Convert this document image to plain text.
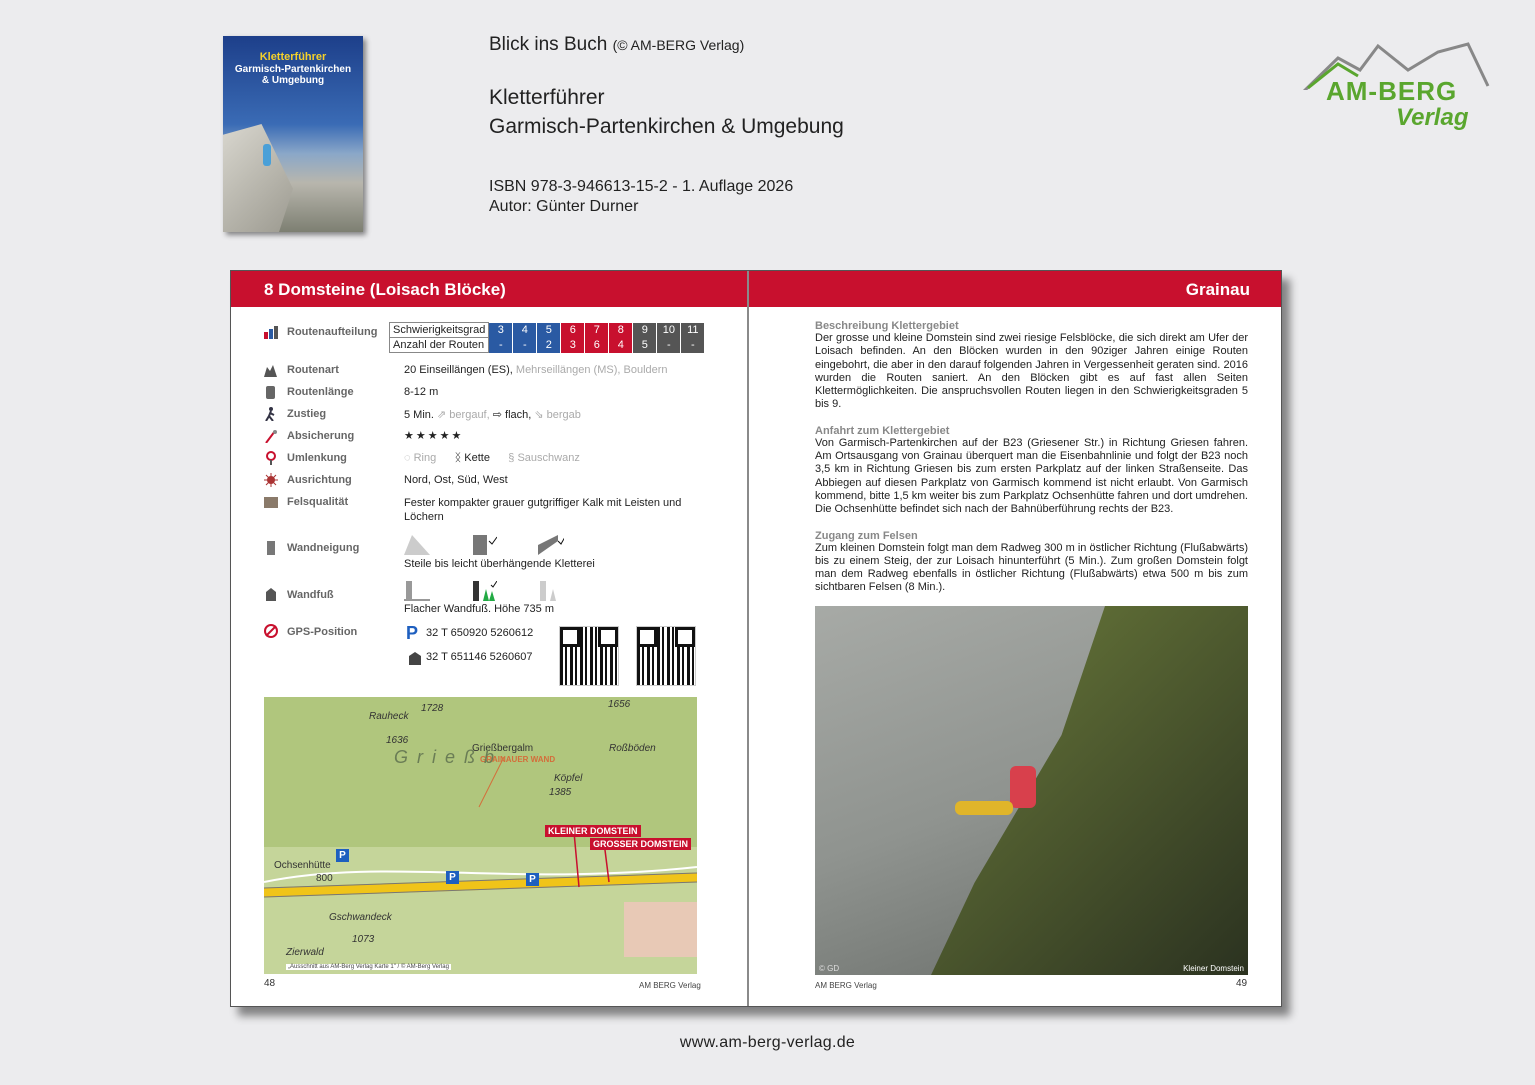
Kletterführer
Garmisch-Partenkirchen
& Umgebung
Blick ins Buch (© AM-BERG Verlag)
Kletterführer
Garmisch-Partenkirchen & Umgebung
ISBN 978-3-946613-15-2 - 1. Auflage 2026
Autor: Günter Durner
AM-BERG
Verlag
8 Domsteine (Loisach Blöcke)	Grainau
Routenaufteilung Schwierigkeitsgrad	3	4	5	6	7	8	9	10	11
Anzahl der Routen	-	-	2	3	6	4	5	-	-
Routenart	20 Einseillängen (ES), Mehrseillängen (MS), Bouldern
Routenlänge	8-12 m
Zustieg	5 Min. ⇗ bergauf, ⇨ flach, ⇘ bergab
Absicherung	★★★★★
Umlenkung	◌ Ring ᛝ Kette § Sauschwanz
Ausrichtung	Nord, Ost, Süd, West
Felsqualität	Fester kompakter grauer gutgriffiger Kalk mit Leisten und Löchern
Wandneigung
Steile bis leicht überhängende Kletterei
Wandfuß
Flacher Wandfuß. Höhe 735 m
GPS-Position	P 32 T 650920 5260612
32 T 651146 5260607
Rauheck
1636
1728	1656
Grießbergalm
GRAINAUER WAND
Roßböden
Köpfel
1385
G r i e ß b
KLEINER DOMSTEIN
GROSSER DOMSTEIN
Ochsenhütte
800
P
P	P
Gschwandeck
1073
Zierwald
„Ausschnitt aus AM-Berg Verlag Karte 1" / © AM-Berg Verlag
48	AM BERG Verlag
Beschreibung Klettergebiet

Der grosse und kleine Domstein sind zwei riesige Felsblöcke, die sich direkt am Ufer der Loisach befinden. An den Blöcken wurden in den 90ziger Jahren einige Routen eingebohrt, die aber in den darauf folgenden Jahren in Vergessenheit geraten sind. 2016 wurden die Routen saniert. An den Blöcken gibt es auf fast allen Seiten Klettermöglichkeiten. Die anspruchsvollen Routen liegen in den Schwierigkeitsgraden 5 bis 9.

Anfahrt zum Klettergebiet

Von Garmisch-Partenkirchen auf der B23 (Griesener Str.) in Richtung Griesen fahren. Am Ortsausgang von Grainau überquert man die Eisenbahnlinie und folgt der B23 noch 3,5 km in Richtung Griesen bis zum ersten Parkplatz auf der linken Straßenseite. Das Abbiegen auf diesen Parkplatz von Garmisch kommend ist nicht erlaubt. Von Garmisch kommend, bitte 1,5 km weiter bis zum Parkplatz Ochsenhütte fahren und dort umdrehen. Die Ochsenhütte befindet sich nach der Bahnüberführung rechts der B23.

Zugang zum Felsen

Zum kleinen Domstein folgt man dem Radweg 300 m in östlicher Richtung (Flußabwärts) bis zu einem Steig, der zur Loisach hinunterführt (5 Min.). Zum großen Domstein folgt man dem Radweg ebenfalls in östlicher Richtung (Flußabwärts) etwa 500 m bis zum sichtbaren Felsen (8 Min.).

© GD	Kleiner Domstein
AM BERG Verlag	49
www.am-berg-verlag.de
